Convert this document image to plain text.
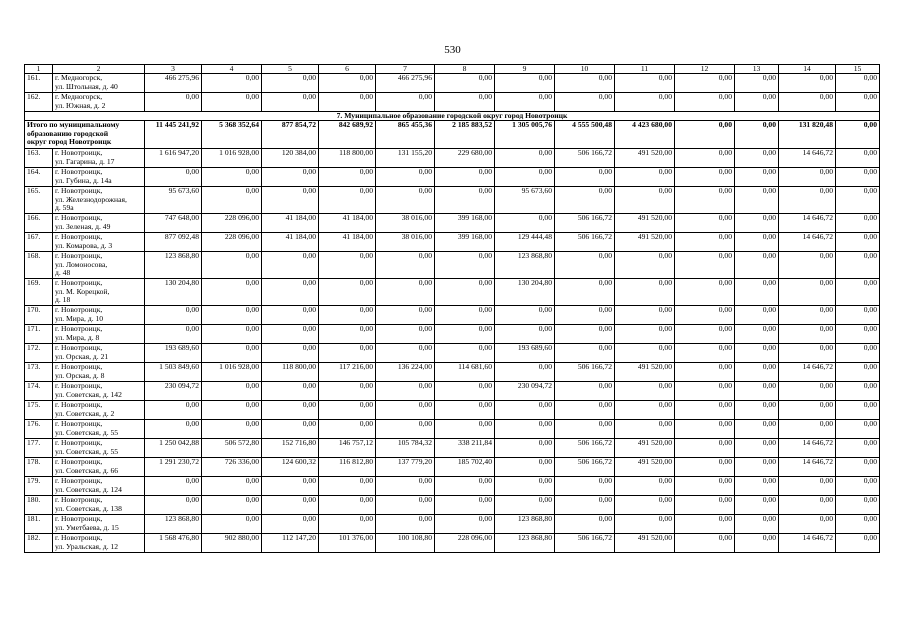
530
1	2	3	4	5	6	7	8	9	10	11	12	13	14	15
161.	г. Медногорск,
ул. Штольная, д. 40	466 275,96	0,00	0,00	0,00	466 275,96	0,00	0,00	0,00	0,00	0,00	0,00	0,00	0,00
162.	г. Медногорск,
ул. Южная, д. 2	0,00	0,00	0,00	0,00	0,00	0,00	0,00	0,00	0,00	0,00	0,00	0,00	0,00
7. Муниципальное образование городской округ город Новотроицк														

Итого по муниципальному
образованию городской
округ город Новотроицк		11 445 241,92	5 368 352,64	877 854,72	842 689,92	865 455,36	2 185 883,52	1 305 005,76	4 555 500,48	4 423 680,00	0,00	0,00	131 820,48	0,00
163.	г. Новотроицк,
ул. Гагарина, д. 17	1 616 947,20	1 016 928,00	120 384,00	118 800,00	131 155,20	229 680,00	0,00	506 166,72	491 520,00	0,00	0,00	14 646,72	0,00
164.	г. Новотроицк,
ул. Губина, д. 14а	0,00	0,00	0,00	0,00	0,00	0,00	0,00	0,00	0,00	0,00	0,00	0,00	0,00
165.	г. Новотроицк,
ул. Железнодорожная,
д. 59а	95 673,60	0,00	0,00	0,00	0,00	0,00	95 673,60	0,00	0,00	0,00	0,00	0,00	0,00
166.	г. Новотроицк,
ул. Зеленая, д. 49	747 648,00	228 096,00	41 184,00	41 184,00	38 016,00	399 168,00	0,00	506 166,72	491 520,00	0,00	0,00	14 646,72	0,00
167.	г. Новотроицк,
ул. Комарова, д. 3	877 092,48	228 096,00	41 184,00	41 184,00	38 016,00	399 168,00	129 444,48	506 166,72	491 520,00	0,00	0,00	14 646,72	0,00
168.	г. Новотроицк,
ул. Ломоносова,
д. 48	123 868,80	0,00	0,00	0,00	0,00	0,00	123 868,80	0,00	0,00	0,00	0,00	0,00	0,00
169.	г. Новотроицк,
ул. М. Корецкой,
д. 18	130 204,80	0,00	0,00	0,00	0,00	0,00	130 204,80	0,00	0,00	0,00	0,00	0,00	0,00
170.	г. Новотроицк,
ул. Мира, д. 10	0,00	0,00	0,00	0,00	0,00	0,00	0,00	0,00	0,00	0,00	0,00	0,00	0,00
171.	г. Новотроицк,
ул. Мира, д. 8	0,00	0,00	0,00	0,00	0,00	0,00	0,00	0,00	0,00	0,00	0,00	0,00	0,00
172.	г. Новотроицк,
ул. Орская, д. 21	193 689,60	0,00	0,00	0,00	0,00	0,00	193 689,60	0,00	0,00	0,00	0,00	0,00	0,00
173.	г. Новотроицк,
ул. Орская, д. 8	1 503 849,60	1 016 928,00	118 800,00	117 216,00	136 224,00	114 681,60	0,00	506 166,72	491 520,00	0,00	0,00	14 646,72	0,00
174.	г. Новотроицк,
ул. Советская, д. 142	230 094,72	0,00	0,00	0,00	0,00	0,00	230 094,72	0,00	0,00	0,00	0,00	0,00	0,00
175.	г. Новотроицк,
ул. Советская, д. 2	0,00	0,00	0,00	0,00	0,00	0,00	0,00	0,00	0,00	0,00	0,00	0,00	0,00
176.	г. Новотроицк,
ул. Советская, д. 55	0,00	0,00	0,00	0,00	0,00	0,00	0,00	0,00	0,00	0,00	0,00	0,00	0,00
177.	г. Новотроицк,
ул. Советская, д. 55	1 250 042,88	506 572,80	152 716,80	146 757,12	105 784,32	338 211,84	0,00	506 166,72	491 520,00	0,00	0,00	14 646,72	0,00
178.	г. Новотроицк,
ул. Советская, д. 66	1 291 230,72	726 336,00	124 600,32	116 812,80	137 779,20	185 702,40	0,00	506 166,72	491 520,00	0,00	0,00	14 646,72	0,00
179.	г. Новотроицк,
ул. Советская, д. 124	0,00	0,00	0,00	0,00	0,00	0,00	0,00	0,00	0,00	0,00	0,00	0,00	0,00
180.	г. Новотроицк,
ул. Советская, д. 138	0,00	0,00	0,00	0,00	0,00	0,00	0,00	0,00	0,00	0,00	0,00	0,00	0,00
181.	г. Новотроицк,
ул. Уметбаева, д. 15	123 868,80	0,00	0,00	0,00	0,00	0,00	123 868,80	0,00	0,00	0,00	0,00	0,00	0,00
182.	г. Новотроицк,
ул. Уральская, д. 12	1 568 476,80	902 880,00	112 147,20	101 376,00	100 108,80	228 096,00	123 868,80	506 166,72	491 520,00	0,00	0,00	14 646,72	0,00
